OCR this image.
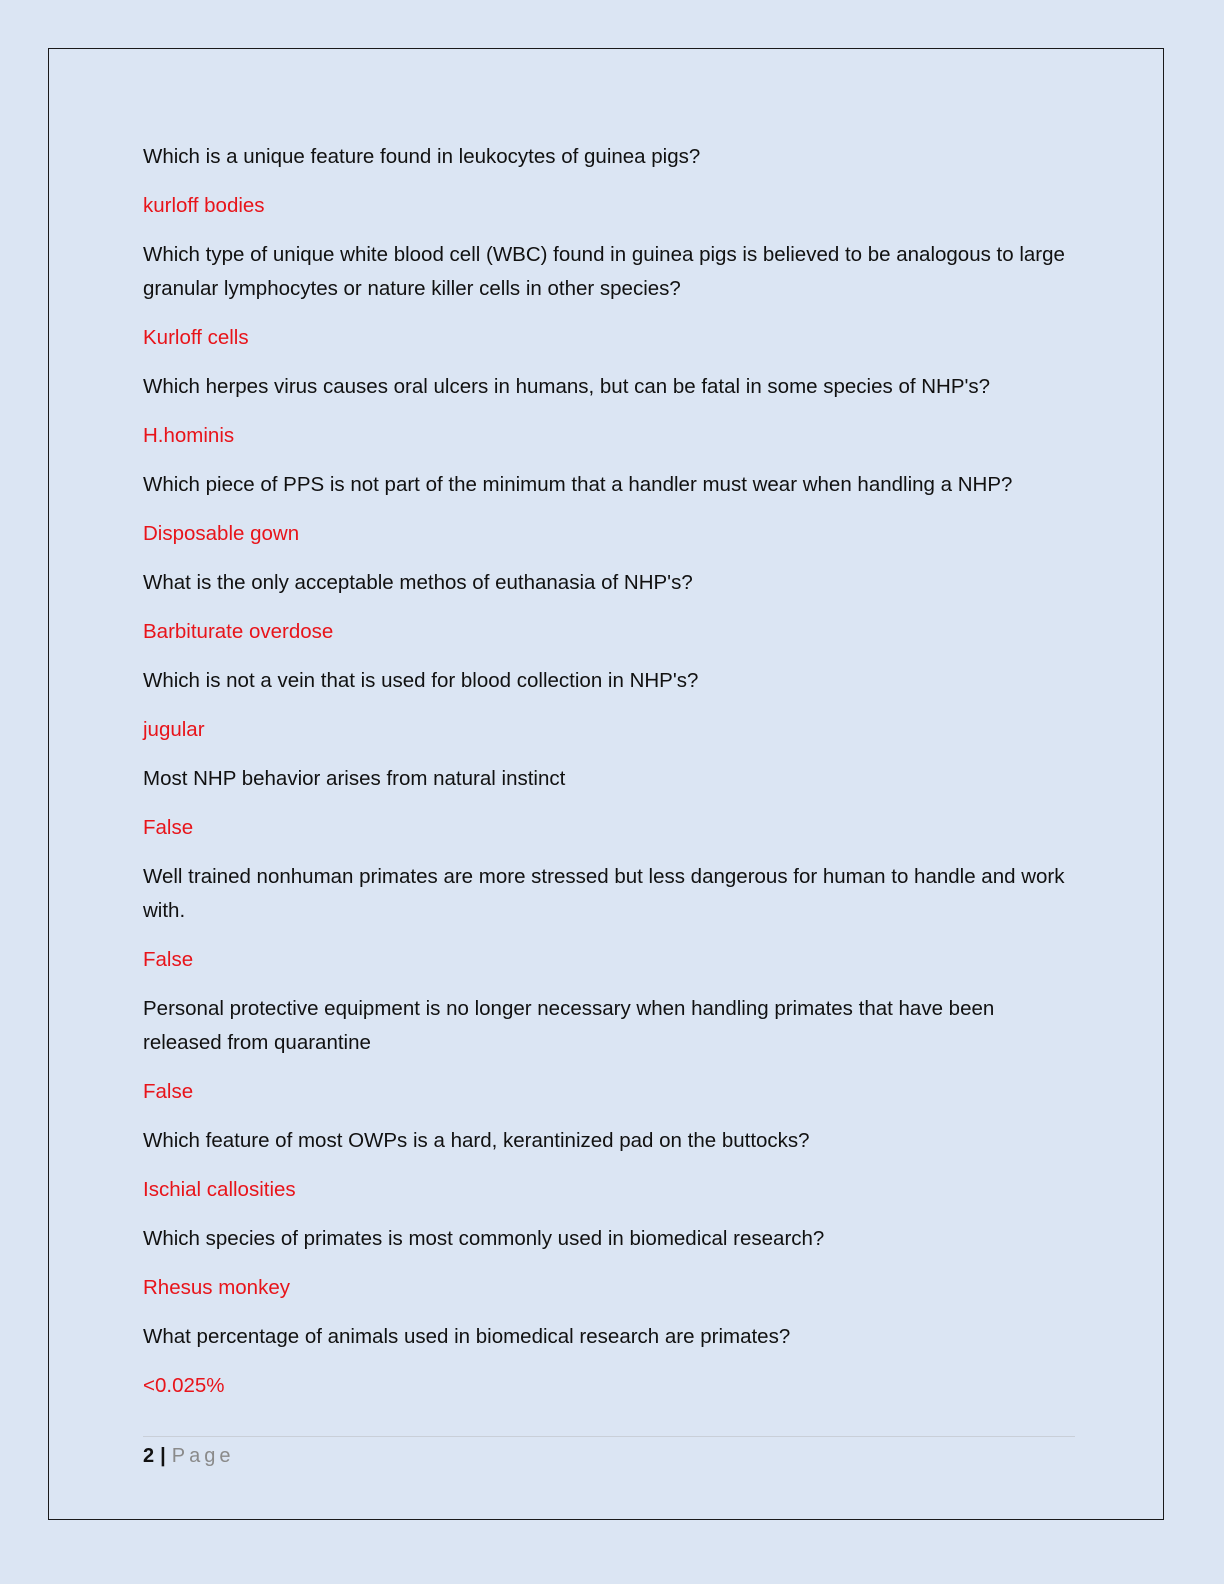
Which is a unique feature found in leukocytes of guinea pigs?

kurloff bodies

Which type of unique white blood cell (WBC) found in guinea pigs is believed to be analogous to large granular lymphocytes or nature killer cells in other species?

Kurloff cells

Which herpes virus causes oral ulcers in humans, but can be fatal in some species of NHP's?

H.hominis

Which piece of PPS is not part of the minimum that a handler must wear when handling a NHP?

Disposable gown

What is the only acceptable methos of euthanasia of NHP's?

Barbiturate overdose

Which is not a vein that is used for blood collection in NHP's?

jugular

Most NHP behavior arises from natural instinct

False

Well trained nonhuman primates are more stressed but less dangerous for human to handle and work with.

False

Personal protective equipment is no longer necessary when handling primates that have been released from quarantine

False

Which feature of most OWPs is a hard, kerantinized pad on the buttocks?

Ischial callosities

Which species of primates is most commonly used in biomedical research?

Rhesus monkey

What percentage of animals used in biomedical research are primates?

<0.025%

2 | Page
